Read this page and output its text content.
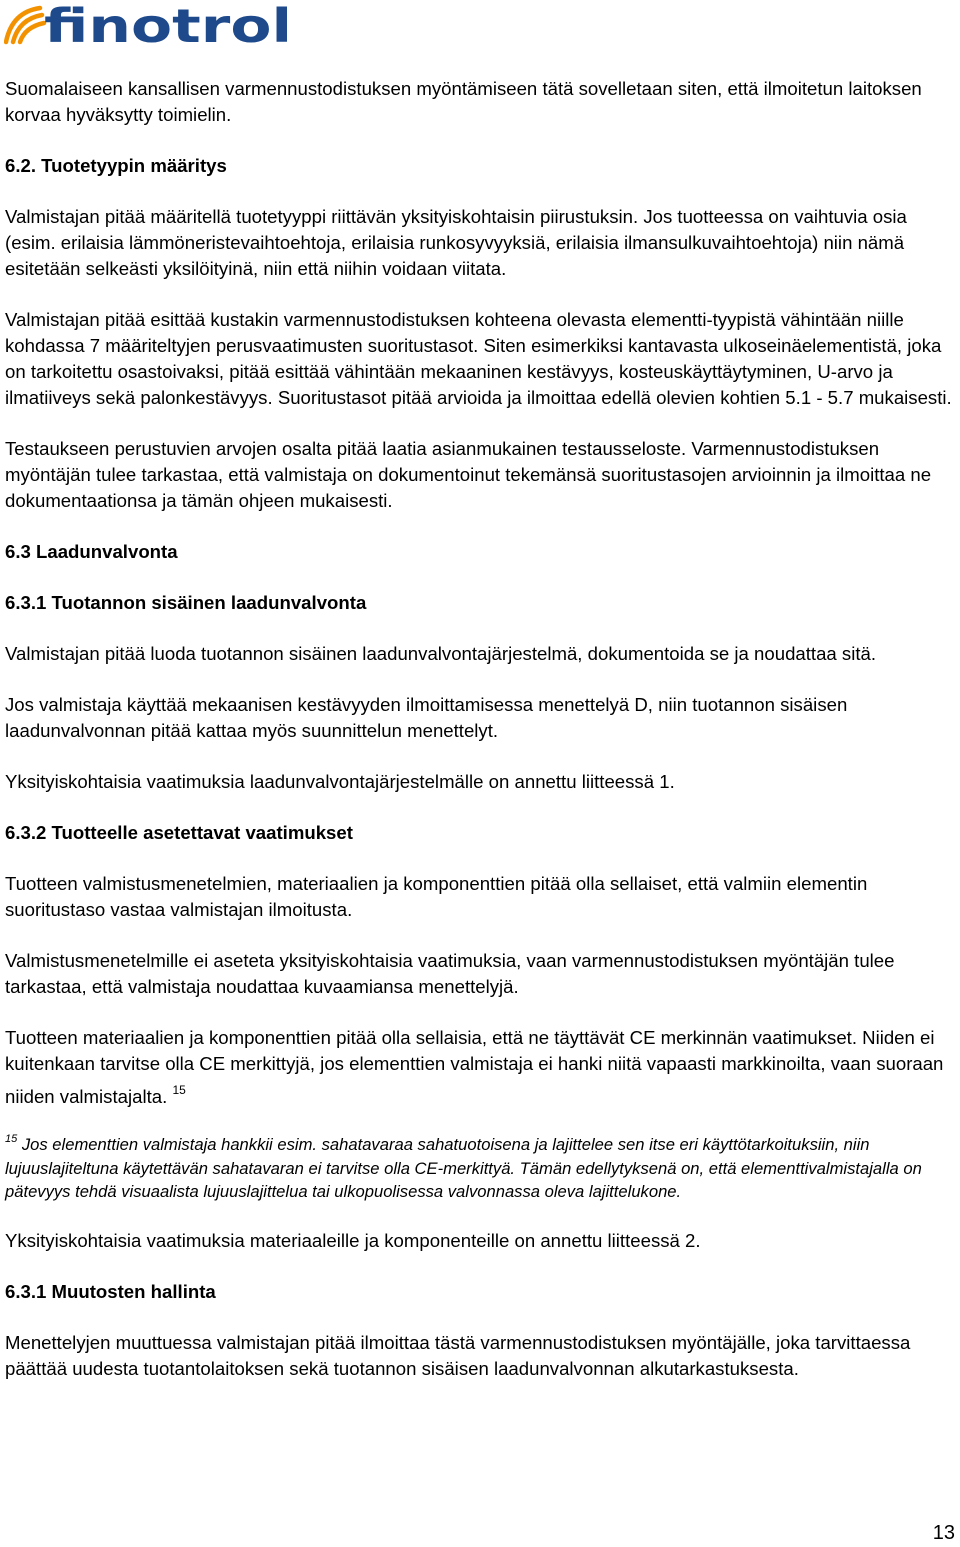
finotrol

Suomalaiseen kansallisen varmennustodistuksen myöntämiseen tätä sovelletaan siten, että ilmoitetun laitoksen korvaa hyväksytty toimielin.

6.2. Tuotetyypin määritys

Valmistajan pitää määritellä tuotetyyppi riittävän yksityiskohtaisin piirustuksin. Jos tuotteessa on vaihtuvia osia (esim. erilaisia lämmöneristevaihtoehtoja, erilaisia runkosyvyyksiä, erilaisia ilmansulkuvaihtoehtoja) niin nämä esitetään selkeästi yksilöityinä, niin että niihin voidaan viitata.

Valmistajan pitää esittää kustakin varmennustodistuksen kohteena olevasta elementti-tyypistä vähintään niille kohdassa 7 määriteltyjen perusvaatimusten suoritustasot. Siten esimerkiksi kantavasta ulkoseinäelementistä, joka on tarkoitettu osastoivaksi, pitää esittää vähintään mekaaninen kestävyys, kosteuskäyttäytyminen, U-arvo ja ilmatiiveys sekä palonkestävyys. Suoritustasot pitää arvioida ja ilmoittaa edellä olevien kohtien 5.1 - 5.7 mukaisesti.

Testaukseen perustuvien arvojen osalta pitää laatia asianmukainen testausseloste. Varmennustodistuksen myöntäjän tulee tarkastaa, että valmistaja on dokumentoinut tekemänsä suoritustasojen arvioinnin ja ilmoittaa ne dokumentaationsa ja tämän ohjeen mukaisesti.

6.3 Laadunvalvonta
6.3.1 Tuotannon sisäinen laadunvalvonta

Valmistajan pitää luoda tuotannon sisäinen laadunvalvontajärjestelmä, dokumentoida se ja noudattaa sitä.

Jos valmistaja käyttää mekaanisen kestävyyden ilmoittamisessa menettelyä D, niin tuotannon sisäisen laadunvalvonnan pitää kattaa myös suunnittelun menettelyt.

Yksityiskohtaisia vaatimuksia laadunvalvontajärjestelmälle on annettu liitteessä 1.

6.3.2 Tuotteelle asetettavat vaatimukset

Tuotteen valmistusmenetelmien, materiaalien ja komponenttien pitää olla sellaiset, että valmiin elementin suoritustaso vastaa valmistajan ilmoitusta.

Valmistusmenetelmille ei aseteta yksityiskohtaisia vaatimuksia, vaan varmennustodistuksen myöntäjän tulee tarkastaa, että valmistaja noudattaa kuvaamiansa menettelyjä.

Tuotteen materiaalien ja komponenttien pitää olla sellaisia, että ne täyttävät CE merkinnän vaatimukset. Niiden ei kuitenkaan tarvitse olla CE merkittyjä, jos elementtien valmistaja ei hanki niitä vapaasti markkinoilta, vaan suoraan niiden valmistajalta. $^{15}$

$^{15}$ Jos elementtien valmistaja hankkii esim. sahatavaraa sahatuotoisena ja lajittelee sen itse eri käyttötarkoituksiin, niin lujuuslajiteltuna käytettävän sahatavaran ei tarvitse olla CE-merkittyä. Tämän edellytyksenä on, että elementtivalmistajalla on pätevyys tehdä visuaalista lujuuslajittelua tai ulkopuolisessa valvonnassa oleva lajittelukone.

Yksityiskohtaisia vaatimuksia materiaaleille ja komponenteille on annettu liitteessä 2.

6.3.1 Muutosten hallinta

Menettelyjen muuttuessa valmistajan pitää ilmoittaa tästä varmennustodistuksen myöntäjälle, joka tarvittaessa päättää uudesta tuotantolaitoksen sekä tuotannon sisäisen laadunvalvonnan alkutarkastuksesta.

13
